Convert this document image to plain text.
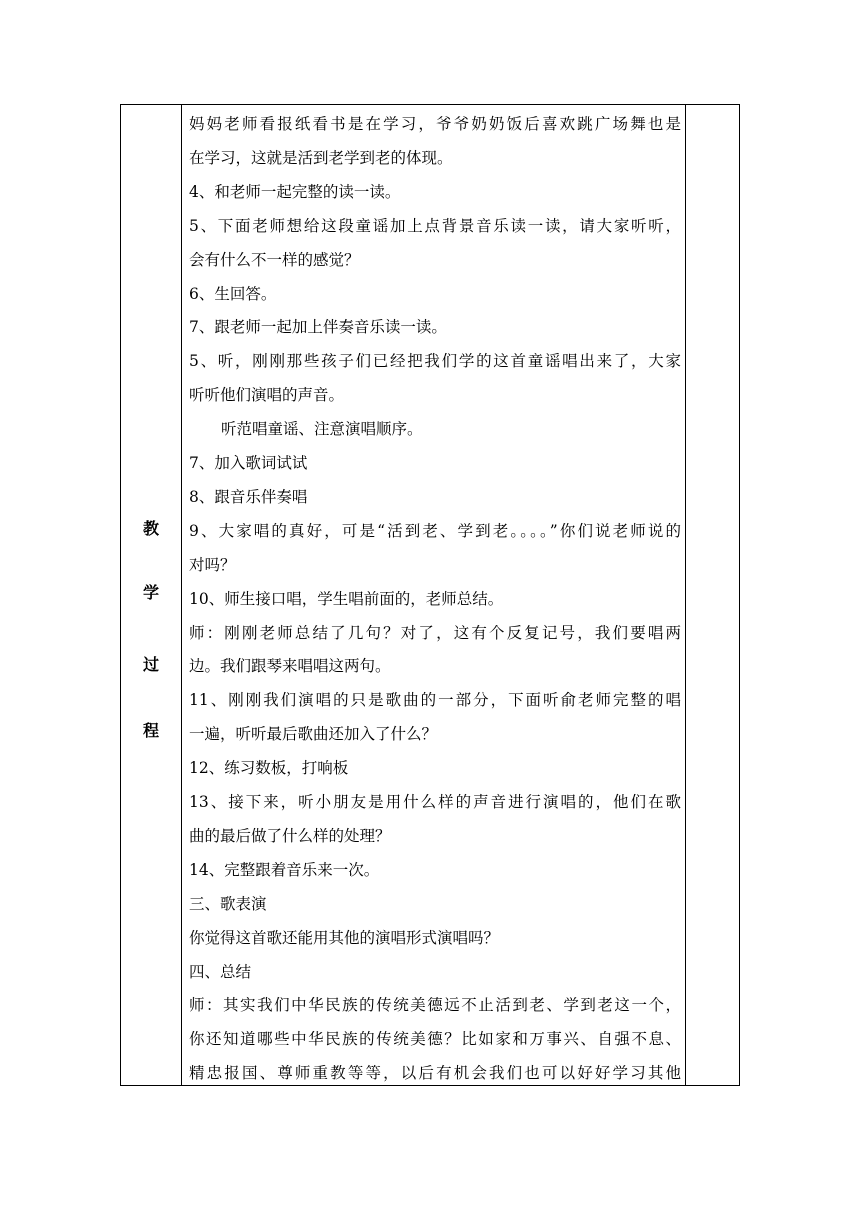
教
学
过
程
妈妈老师看报纸看书是在学习，爷爷奶奶饭后喜欢跳广场舞也是
在学习，这就是活到老学到老的体现。
4、和老师一起完整的读一读。
5、下面老师想给这段童谣加上点背景音乐读一读，请大家听听，
会有什么不一样的感觉？
6、生回答。
7、跟老师一起加上伴奏音乐读一读。
5、听，刚刚那些孩子们已经把我们学的这首童谣唱出来了，大家
听听他们演唱的声音。
听范唱童谣、注意演唱顺序。
7、加入歌词试试
8、跟音乐伴奏唱
9、大家唱的真好，可是“活到老、学到老。。。。”你们说老师说的
对吗？
10、师生接口唱，学生唱前面的，老师总结。
师：刚刚老师总结了几句？对了，这有个反复记号，我们要唱两
边。我们跟琴来唱唱这两句。
11、刚刚我们演唱的只是歌曲的一部分，下面听俞老师完整的唱
一遍，听听最后歌曲还加入了什么？
12、练习数板，打响板
13、接下来，听小朋友是用什么样的声音进行演唱的，他们在歌
曲的最后做了什么样的处理？
14、完整跟着音乐来一次。
三、歌表演
你觉得这首歌还能用其他的演唱形式演唱吗？
四、总结
师：其实我们中华民族的传统美德远不止活到老、学到老这一个，
你还知道哪些中华民族的传统美德？比如家和万事兴、自强不息、
精忠报国、尊师重教等等，以后有机会我们也可以好好学习其他
